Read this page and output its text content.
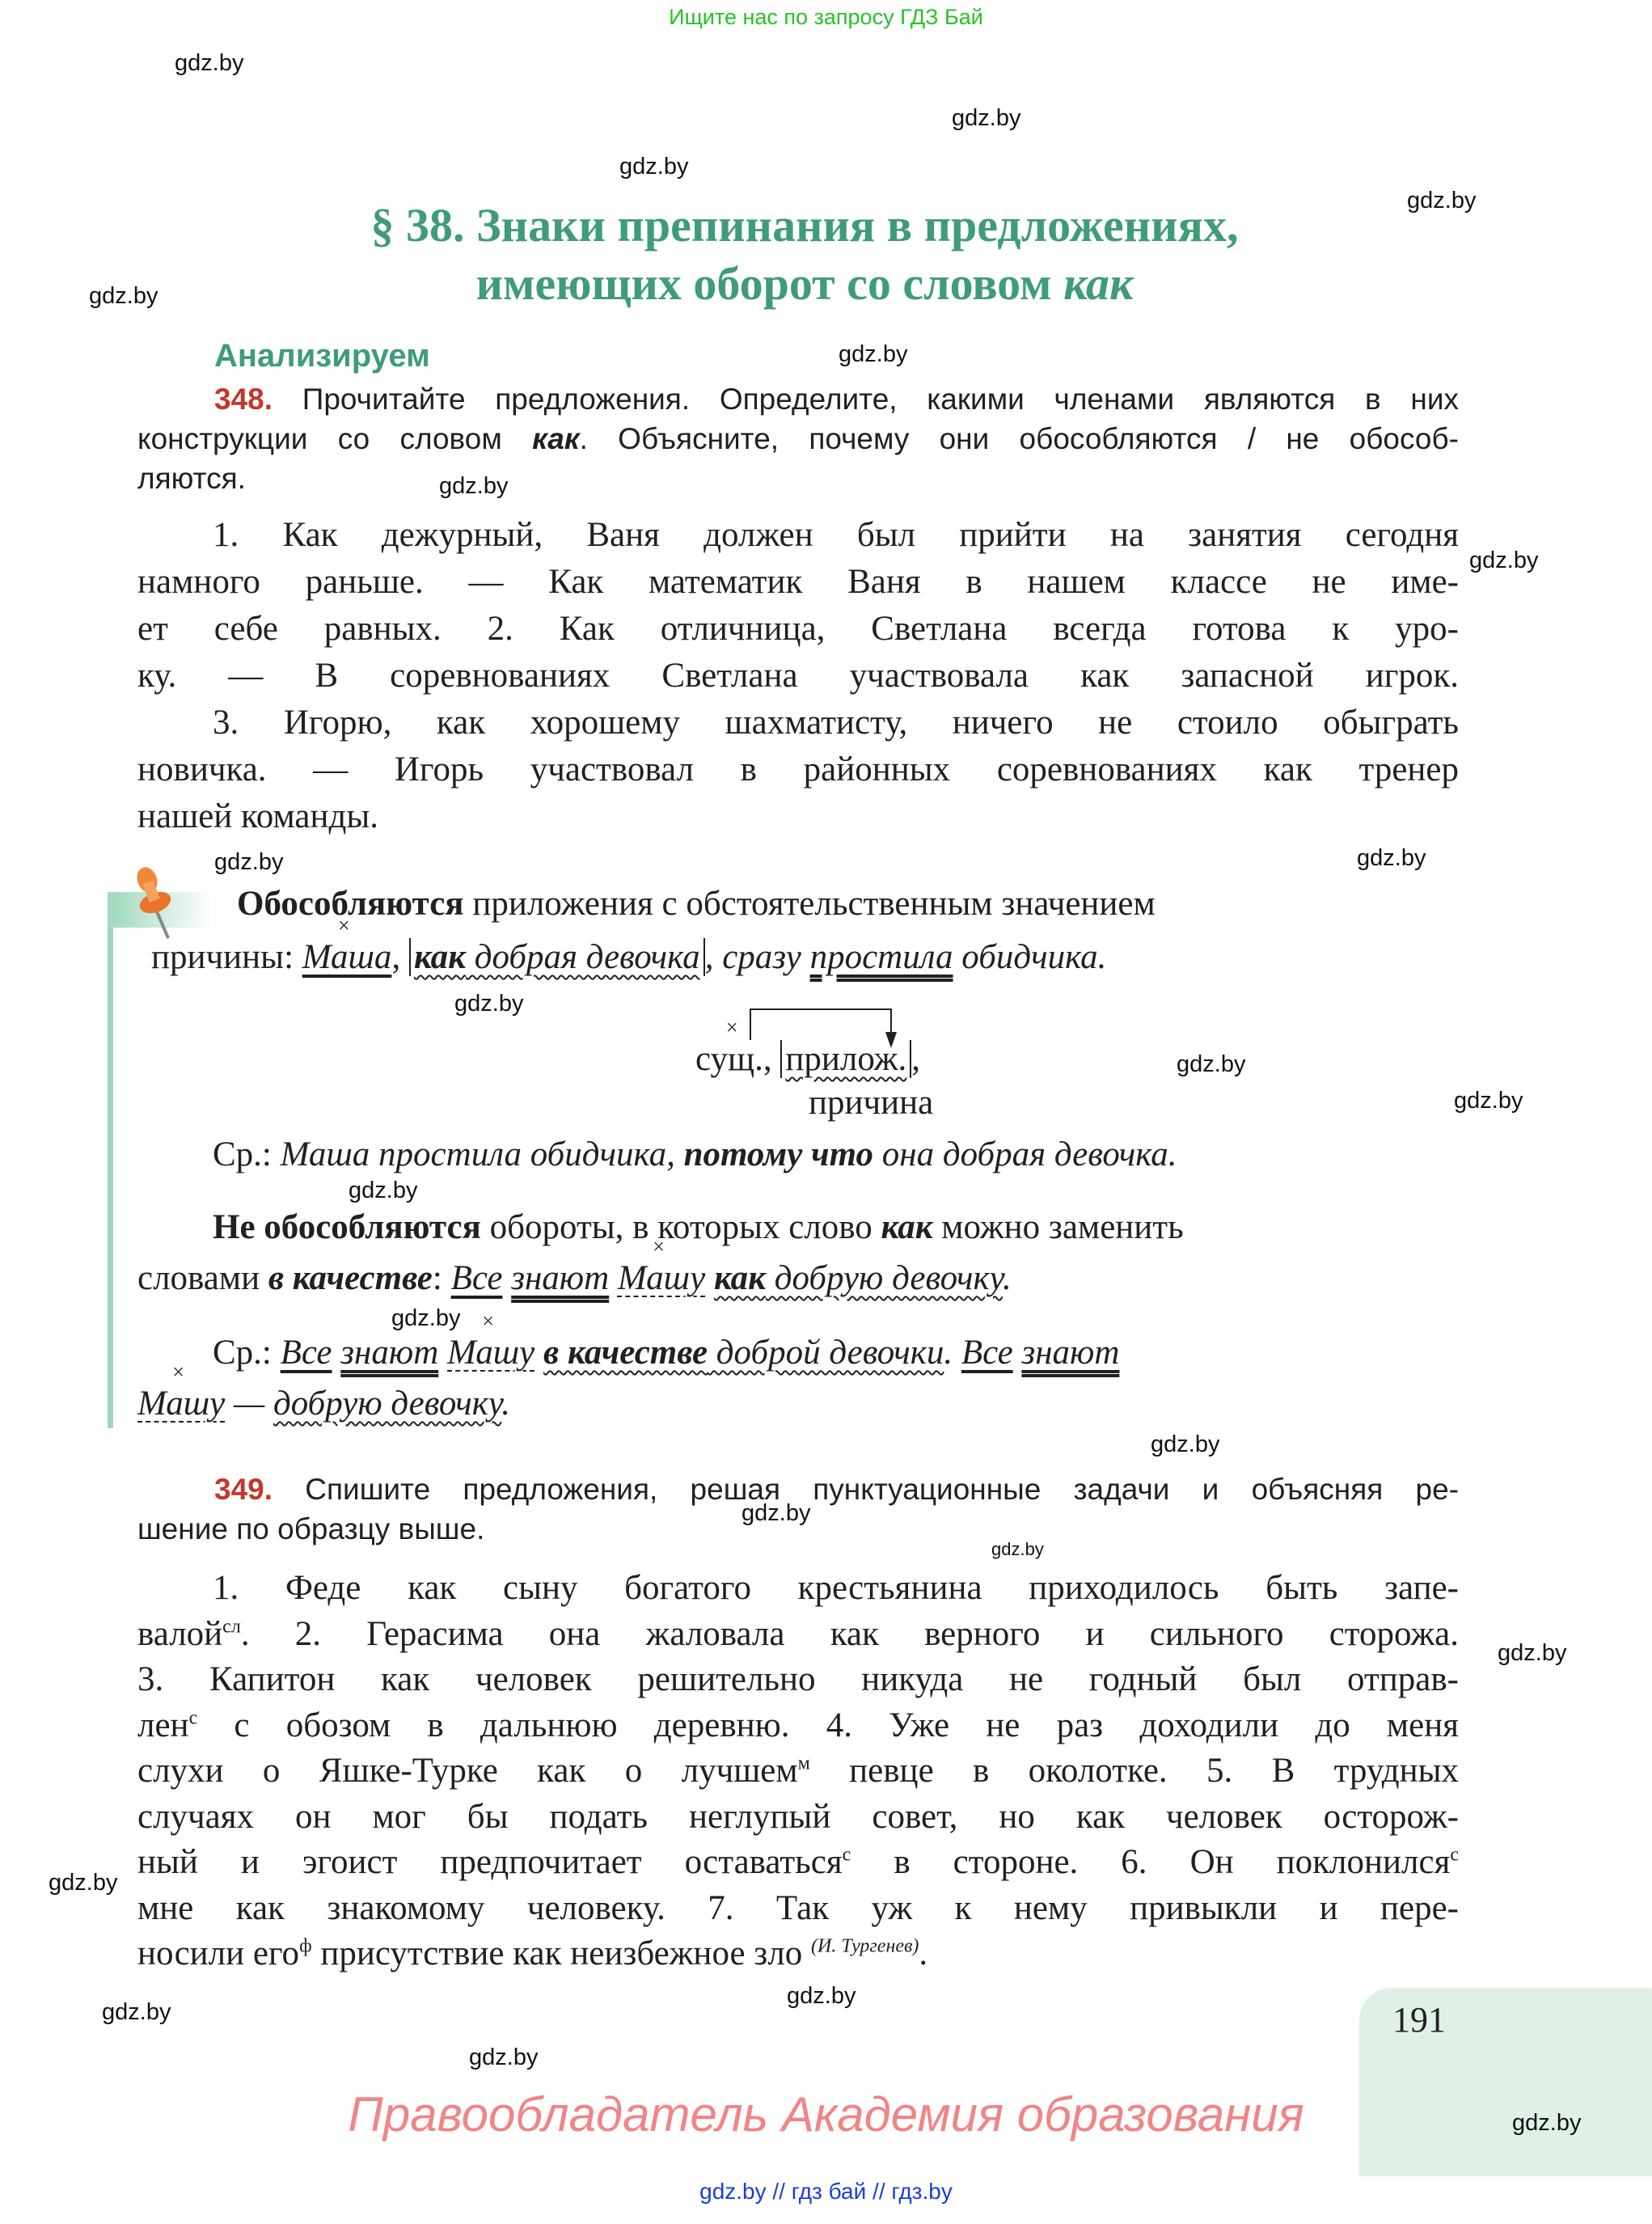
Ищите нас по запросу ГДЗ Бай
§ 38. Знаки препинания в предложениях,
имеющих оборот со словом как
Анализируем
348. Прочитайте предложения. Определите, какими членами являются в них
конструкции со словом как. Объясните, почему они обособляются / не обособ-
ляются.
1. Как дежурный, Ваня должен был прийти на занятия сегодня
намного раньше. — Как математик Ваня в нашем классе не име-
ет себе равных. 2. Как отличница, Светлана всегда готова к уро-
ку. — В соревнованиях Светлана участвовала как запасной игрок.
3. Игорю, как хорошему шахматисту, ничего не стоило обыграть
новичка. — Игорь участвовал в районных соревнованиях как тренер
нашей команды.
Обособляются приложения с обстоятельственным значением
причины: × Маша, как добрая девочка , сразу простила обидчика.
× сущ., прилож. ,
причина
Ср.: Маша простила обидчика, потому что она добрая девочка.
Не обособляются обороты, в которых слово как можно заменить
словами в качестве: Все знают × Машу как добрую девочку.
Ср.: Все знают × Машу в качестве доброй девочки. Все знают
× Машу — добрую девочку.
349. Спишите предложения, решая пунктуационные задачи и объясняя ре-
шение по образцу выше.
1. Феде как сыну богатого крестьянина приходилось быть запе-
валой$^{сл}$. 2. Герасима она жаловала как верного и сильного сторожа.
3. Капитон как человек решительно никуда не годный был отправ-
лен$^с$ с обозом в дальнюю деревню. 4. Уже не раз доходили до меня
слухи о Яшке-Турке как о лучшем$^м$ певце в околотке. 5. В трудных
случаях он мог бы подать неглупый совет, но как человек осторож-
ный и эгоист предпочитает оставаться$^с$ в стороне. 6. Он поклонился$^с$
мне как знакомому человеку. 7. Так уж к нему привыкли и пере-
носили его$^ф$ присутствие как неизбежное зло $^{(И. Тургенев)}$.
191
Правообладатель Академия образования
gdz.by // гдз бай // гдз.by
gdz.by
gdz.by
gdz.by
gdz.by
gdz.by
gdz.by
gdz.by
gdz.by
gdz.by
gdz.by
gdz.by
gdz.by
gdz.by
gdz.by
gdz.by
gdz.by
gdz.by
gdz.by
gdz.by
gdz.by
gdz.by
gdz.by
gdz.by
gdz.by
